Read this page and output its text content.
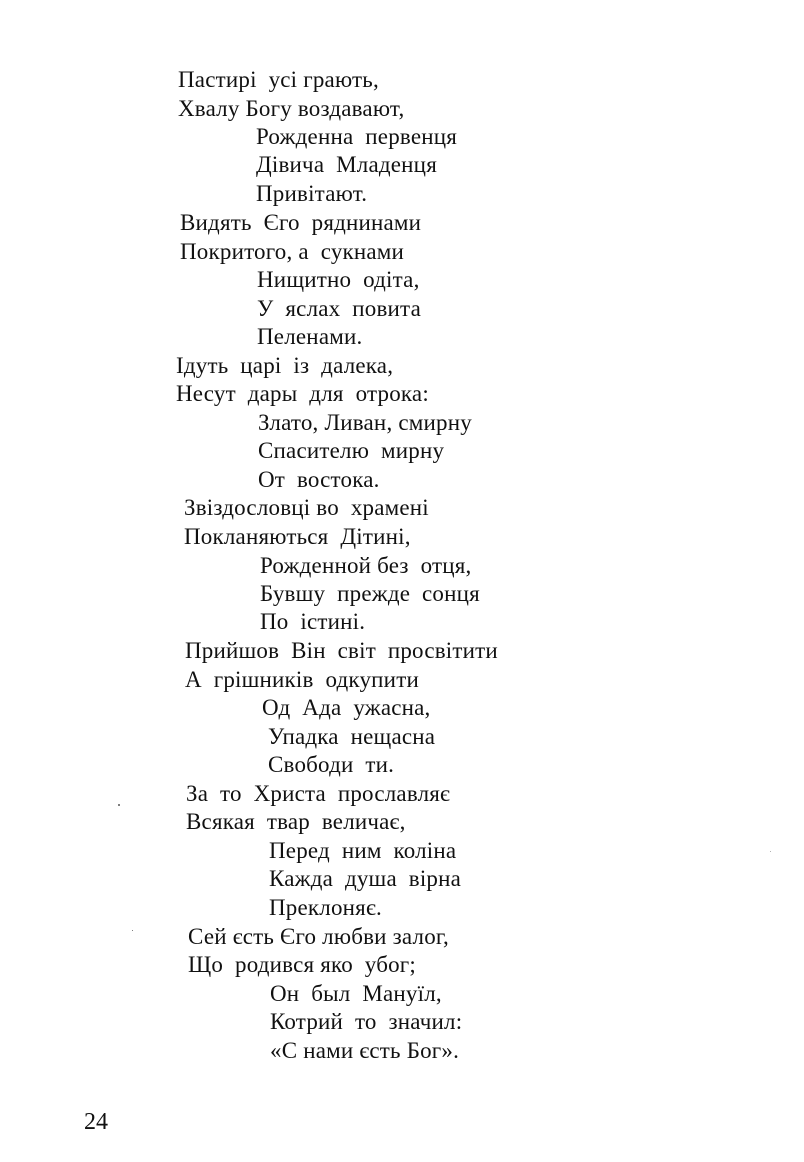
Пастирі  усі грають,
Хвалу Богу воздавают,
Рожденна  первенця
Дівича  Младенця
Привітают.
Видять  Єго  ряднинами
Покритого, а  сукнами
Нищитно  одіта,
У  яслах  повита
Пеленами.
Ідуть  царі  із  далека,
Несут  дары  для  отрока:
Злато, Ливан, смирну
Спасителю  мирну
От  востока.
Звіздословці во  храмені
Покланяються  Дітині,
Рожденной без  отця,
Бувшу  прежде  сонця
По  істині.
Прийшов  Він  світ  просвітити
А  грішників  одкупити
Од  Ада  ужасна,
Упадка  нещасна
Свободи  ти.
За  то  Христа  прославляє
Всякая  твар  величає,
Перед  ним  коліна
Кажда  душа  вірна
Преклоняє.
Сей єсть Єго любви залог,
Що  родився яко  убог;
Он  был  Мануїл,
Котрий  то  значил:
«С нами єсть Бог».
24
